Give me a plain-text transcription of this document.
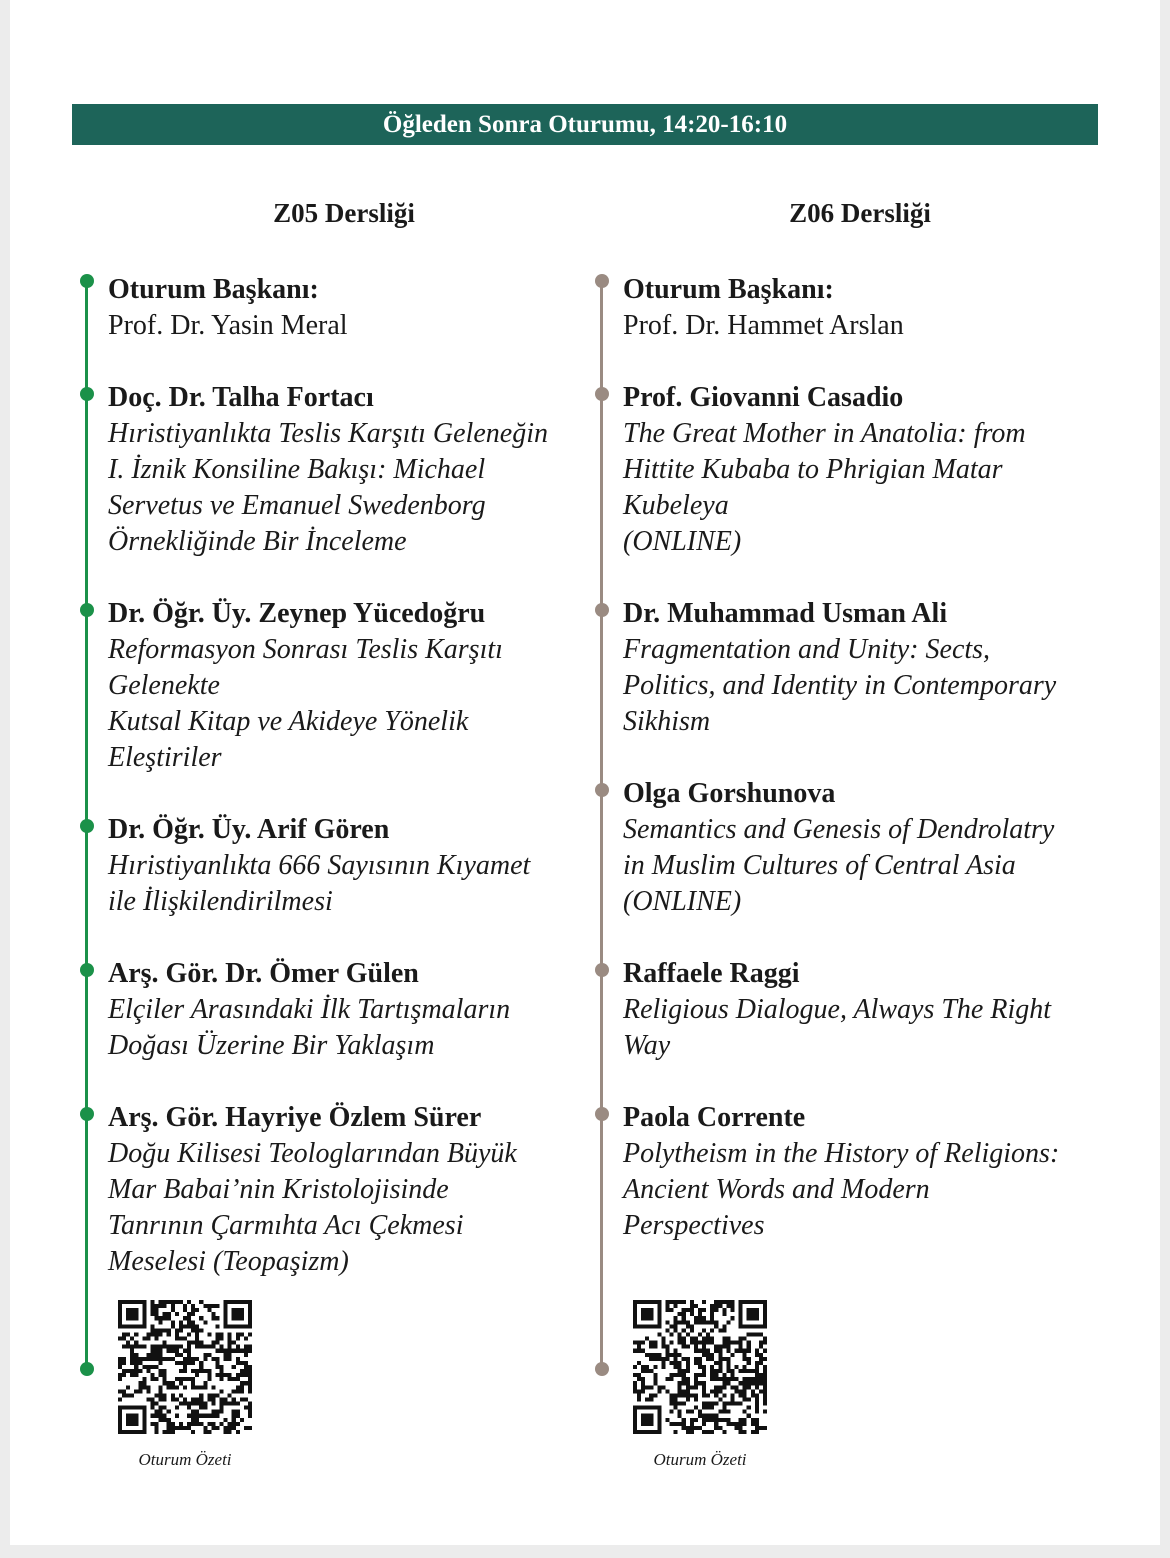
Öğleden Sonra Oturumu, 14:20-16:10
Z05 Dersliği	Z06 Dersliği
Oturum Başkanı:
Prof. Dr. Yasin Meral
Doç. Dr. Talha Fortacı
Hıristiyanlıkta Teslis Karşıtı Geleneğin
I. İznik Konsiline Bakışı: Michael
Servetus ve Emanuel Swedenborg
Örnekliğinde Bir İnceleme
Dr. Öğr. Üy. Zeynep Yücedoğru
Reformasyon Sonrası Teslis Karşıtı
Gelenekte
Kutsal Kitap ve Akideye Yönelik
Eleştiriler
Dr. Öğr. Üy. Arif Gören
Hıristiyanlıkta 666 Sayısının Kıyamet
ile İlişkilendirilmesi
Arş. Gör. Dr. Ömer Gülen
Elçiler Arasındaki İlk Tartışmaların
Doğası Üzerine Bir Yaklaşım
Arş. Gör. Hayriye Özlem Sürer
Doğu Kilisesi Teologlarından Büyük
Mar Babai’nin Kristolojisinde
Tanrının Çarmıhta Acı Çekmesi
Meselesi (Teopaşizm)
Oturum Başkanı:
Prof. Dr. Hammet Arslan
Prof. Giovanni Casadio
The Great Mother in Anatolia: from
Hittite Kubaba to Phrigian Matar
Kubeleya
(ONLINE)
Dr. Muhammad Usman Ali
Fragmentation and Unity: Sects,
Politics, and Identity in Contemporary
Sikhism
Olga Gorshunova
Semantics and Genesis of Dendrolatry
in Muslim Cultures of Central Asia
(ONLINE)
Raffaele Raggi
Religious Dialogue, Always The Right
Way
Paola Corrente
Polytheism in the History of Religions:
Ancient Words and Modern
Perspectives
Oturum Özeti	Oturum Özeti
